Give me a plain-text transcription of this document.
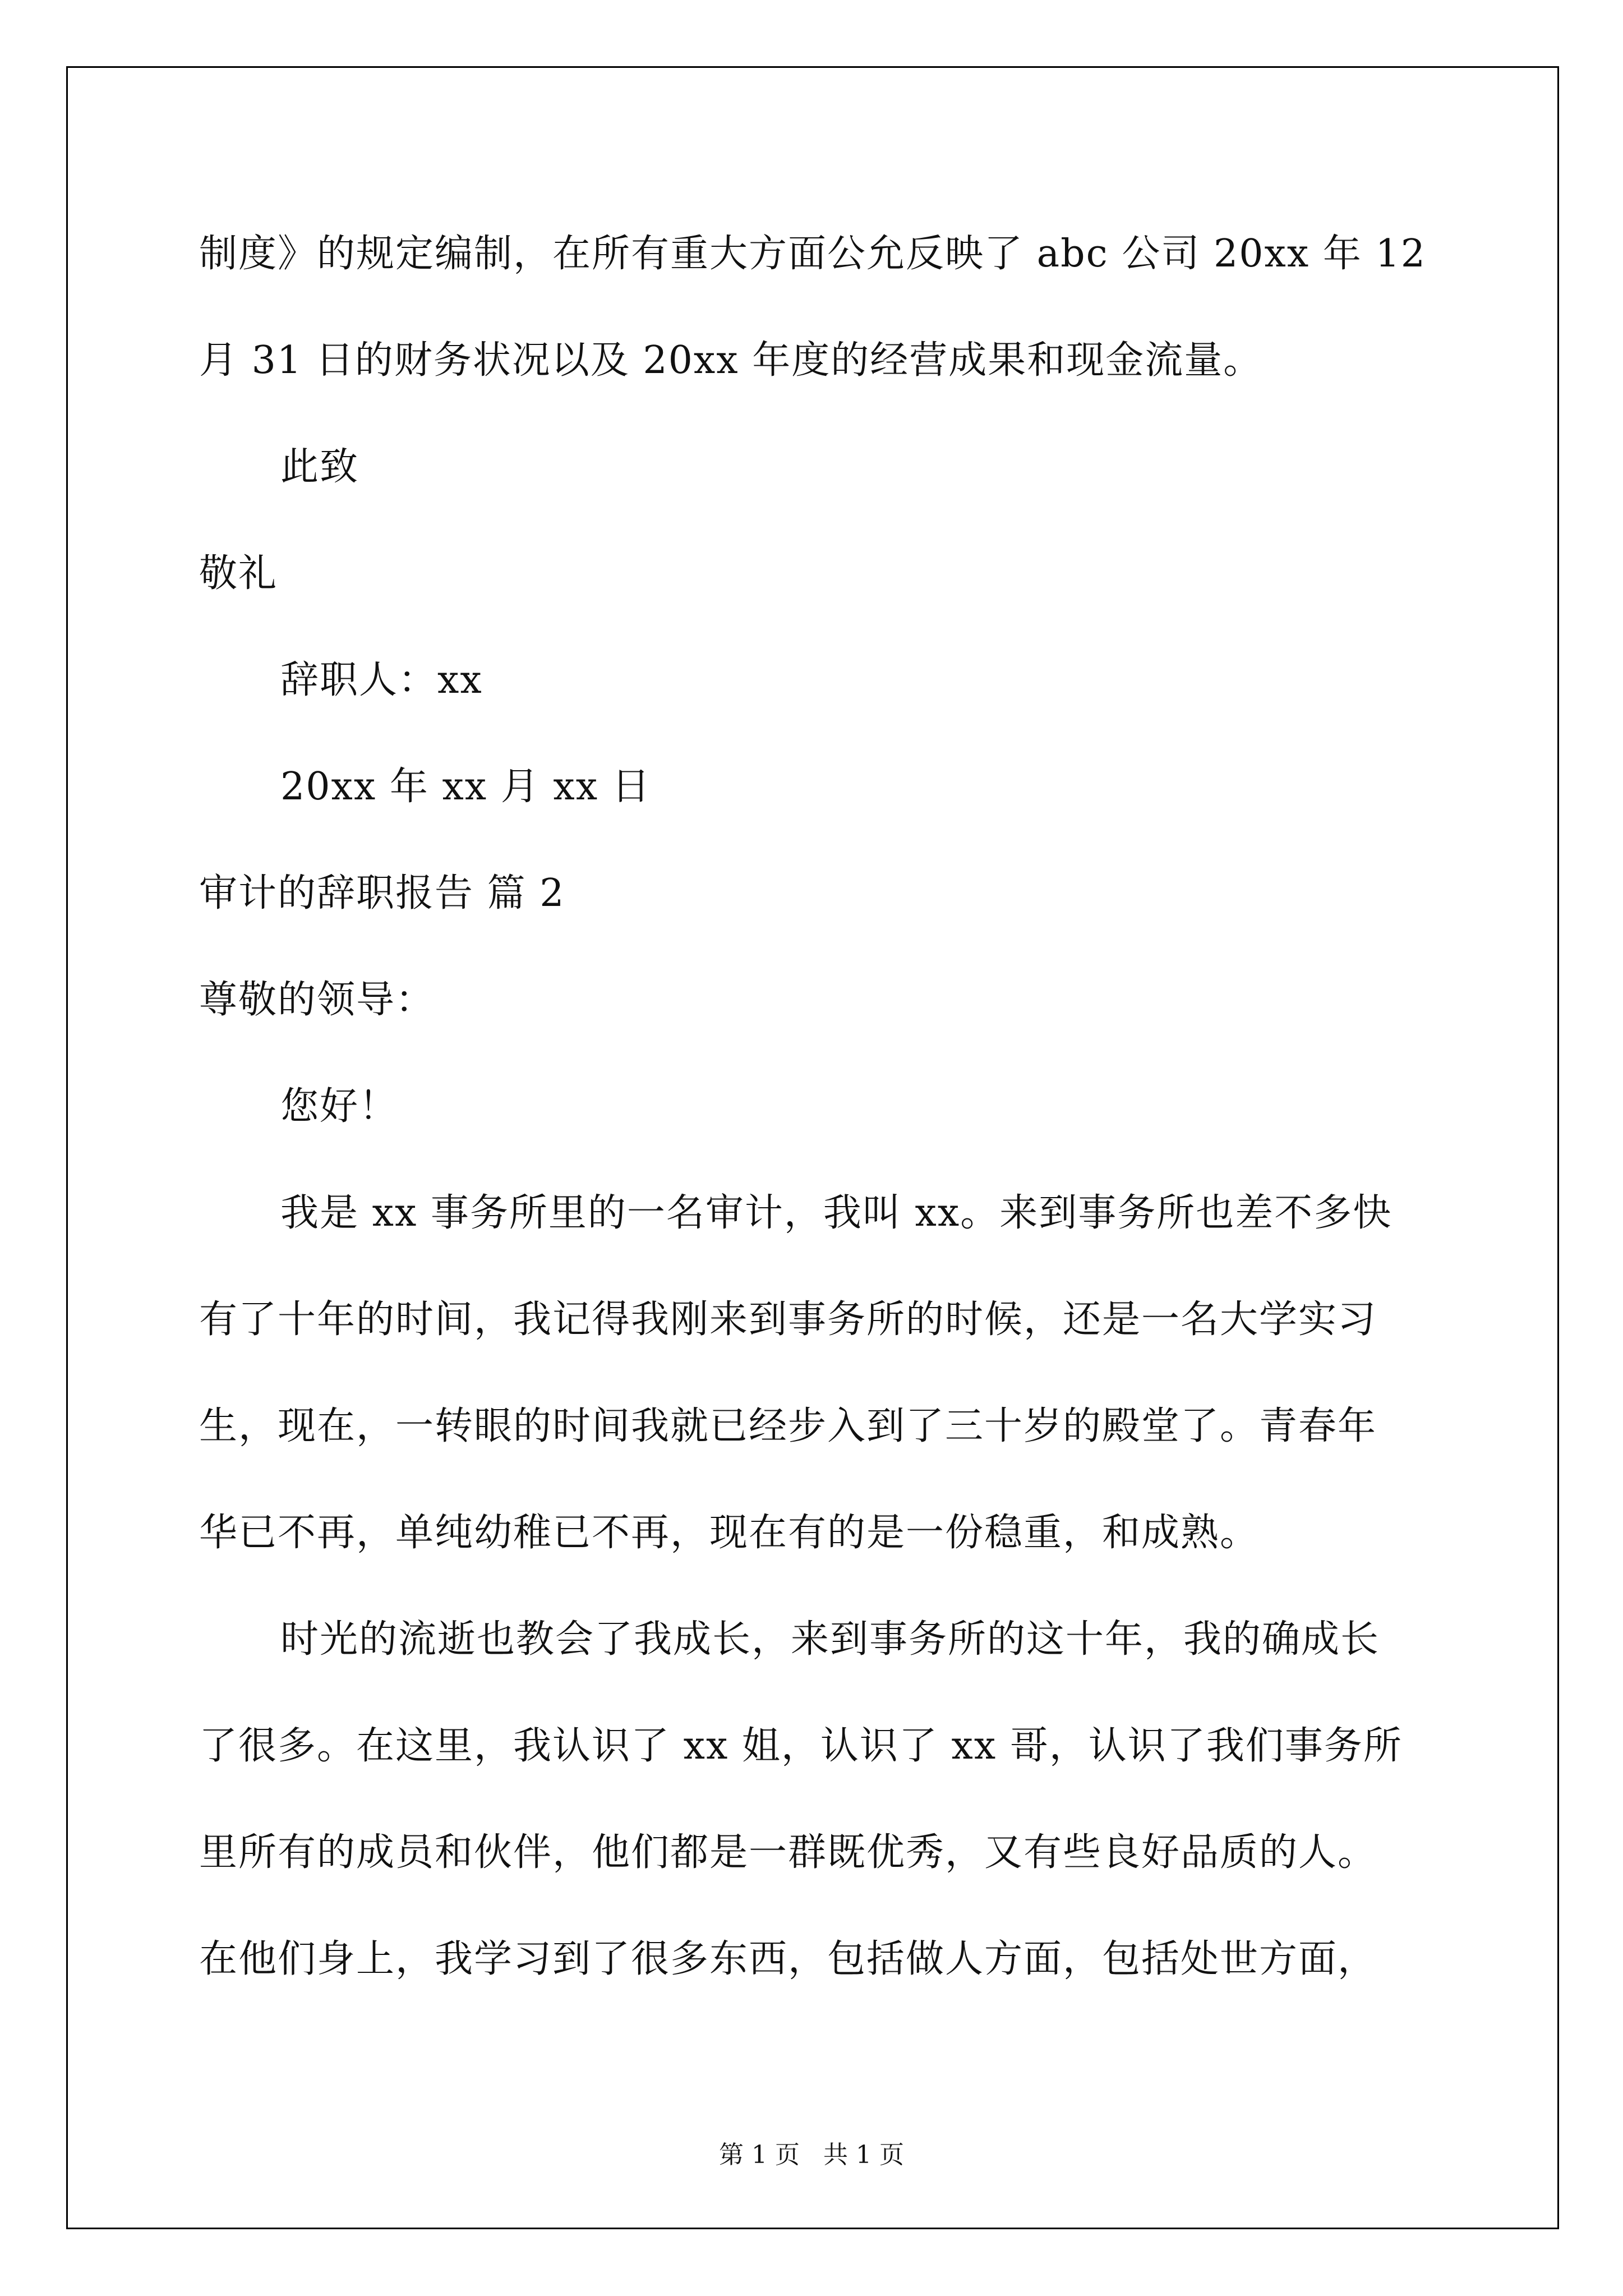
制度》的规定编制，在所有重大方面公允反映了 abc 公司 20xx 年 12
月 31 日的财务状况以及 20xx 年度的经营成果和现金流量。
此致
敬礼
辞职人：xx
20xx 年 xx 月 xx 日
审计的辞职报告 篇 2
尊敬的领导：
您好！
我是 xx 事务所里的一名审计，我叫 xx。来到事务所也差不多快
有了十年的时间，我记得我刚来到事务所的时候，还是一名大学实习
生，现在，一转眼的时间我就已经步入到了三十岁的殿堂了。青春年
华已不再，单纯幼稚已不再，现在有的是一份稳重，和成熟。
时光的流逝也教会了我成长，来到事务所的这十年，我的确成长
了很多。在这里，我认识了 xx 姐，认识了 xx 哥，认识了我们事务所
里所有的成员和伙伴，他们都是一群既优秀，又有些良好品质的人。
在他们身上，我学习到了很多东西，包括做人方面，包括处世方面，
第 1 页   共 1 页
